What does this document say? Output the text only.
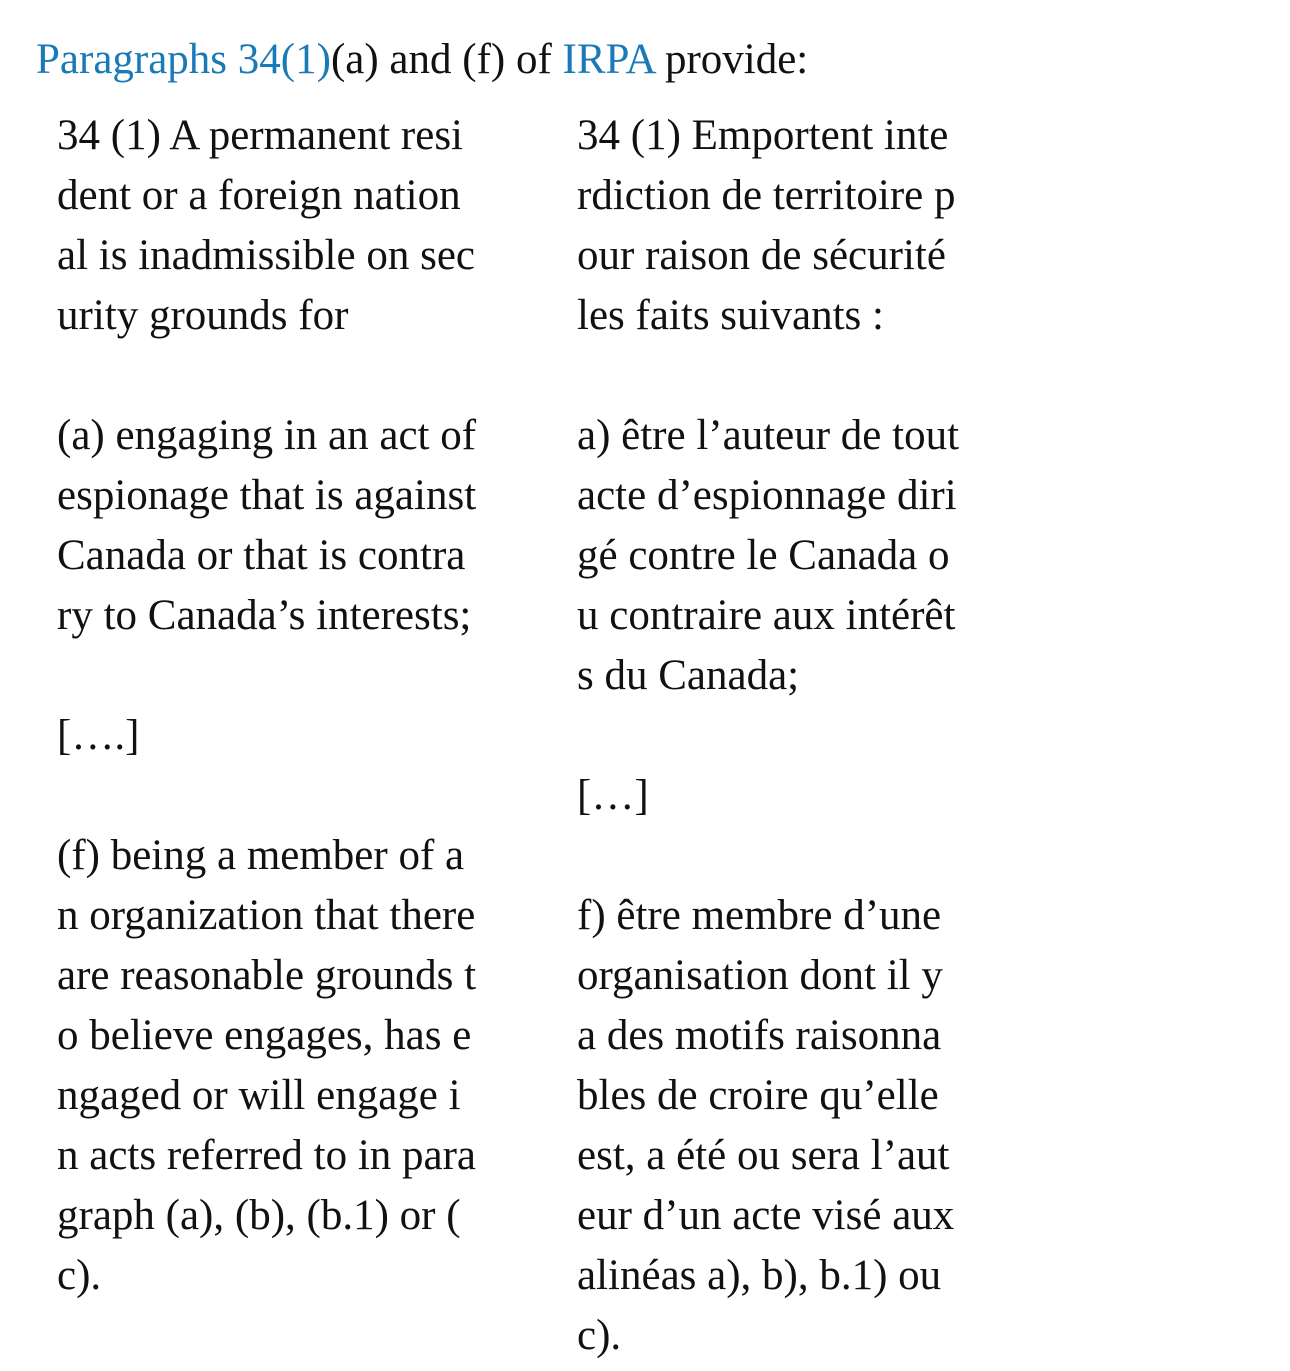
Paragraphs 34(1)(a) and (f) of IRPA provide:

34 (1) A permanent resi
dent or a foreign nation
al is inadmissible on sec
urity grounds for

(a) engaging in an act of
espionage that is against
Canada or that is contra
ry to Canada’s interests;

[….]

(f) being a member of a
n organization that there
are reasonable grounds t
o believe engages, has e
ngaged or will engage i
n acts referred to in para
graph (a), (b), (b.1) or (
c).

34 (1) Emportent inte
rdiction de territoire p
our raison de sécurité
les faits suivants :

a) être l’auteur de tout
acte d’espionnage diri
gé contre le Canada o
u contraire aux intérêt
s du Canada;

[…]

f) être membre d’une
organisation dont il y
a des motifs raisonna
bles de croire qu’elle
est, a été ou sera l’aut
eur d’un acte visé aux
alinéas a), b), b.1) ou
c).
